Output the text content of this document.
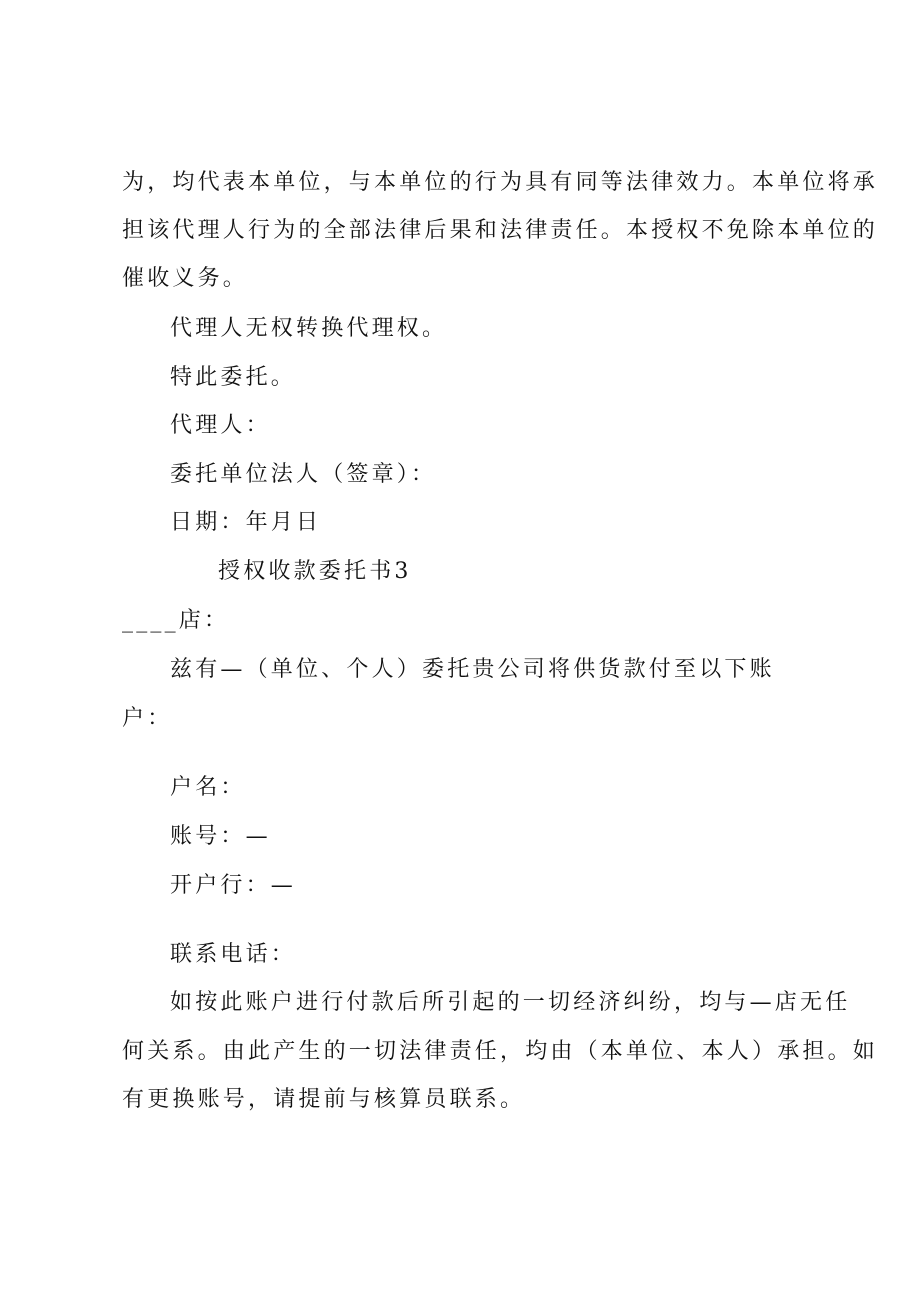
为，均代表本单位，与本单位的行为具有同等法律效力。本单位将承
担该代理人行为的全部法律后果和法律责任。本授权不免除本单位的
催收义务。
代理人无权转换代理权。
特此委托。
代理人：
委托单位法人（签章）：
日期：年月日
授权收款委托书3
____店：
兹有—（单位、个人）委托贵公司将供货款付至以下账
户：
户名：
账号：—
开户行：—
联系电话：
如按此账户进行付款后所引起的一切经济纠纷，均与—店无任
何关系。由此产生的一切法律责任，均由（本单位、本人）承担。如
有更换账号，请提前与核算员联系。
